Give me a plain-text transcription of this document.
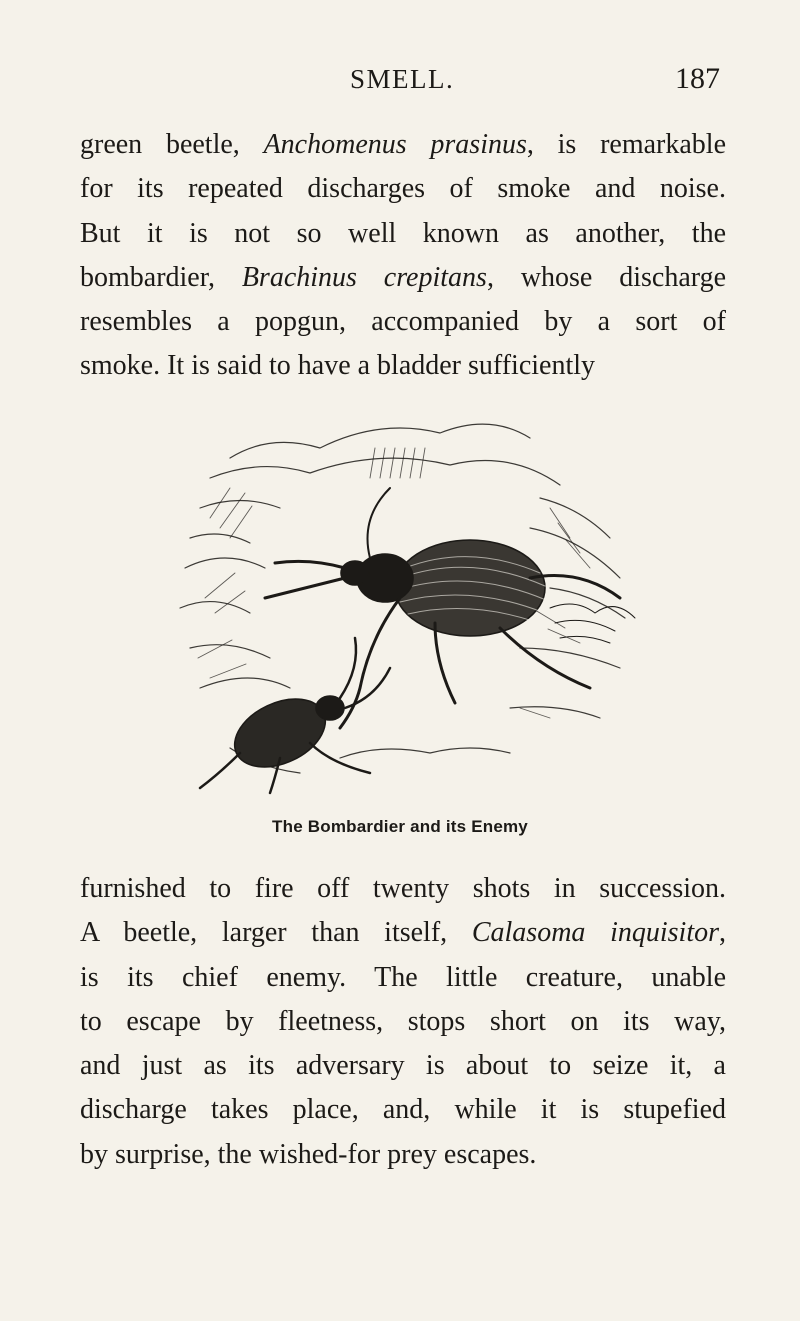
SMELL.	187

green beetle, Anchomenus prasinus, is remarkable
for its repeated discharges of smoke and noise.
But it is not so well known as another, the
bombardier, Brachinus crepitans, whose discharge
resembles a popgun, accompanied by a sort of
smoke. It is said to have a bladder sufficiently

The Bombardier and its Enemy

furnished to fire off twenty shots in succession.
A beetle, larger than itself, Calasoma inquisitor,
is its chief enemy. The little creature, unable
to escape by fleetness, stops short on its way,
and just as its adversary is about to seize it, a
discharge takes place, and, while it is stupefied
by surprise, the wished-for prey escapes.
